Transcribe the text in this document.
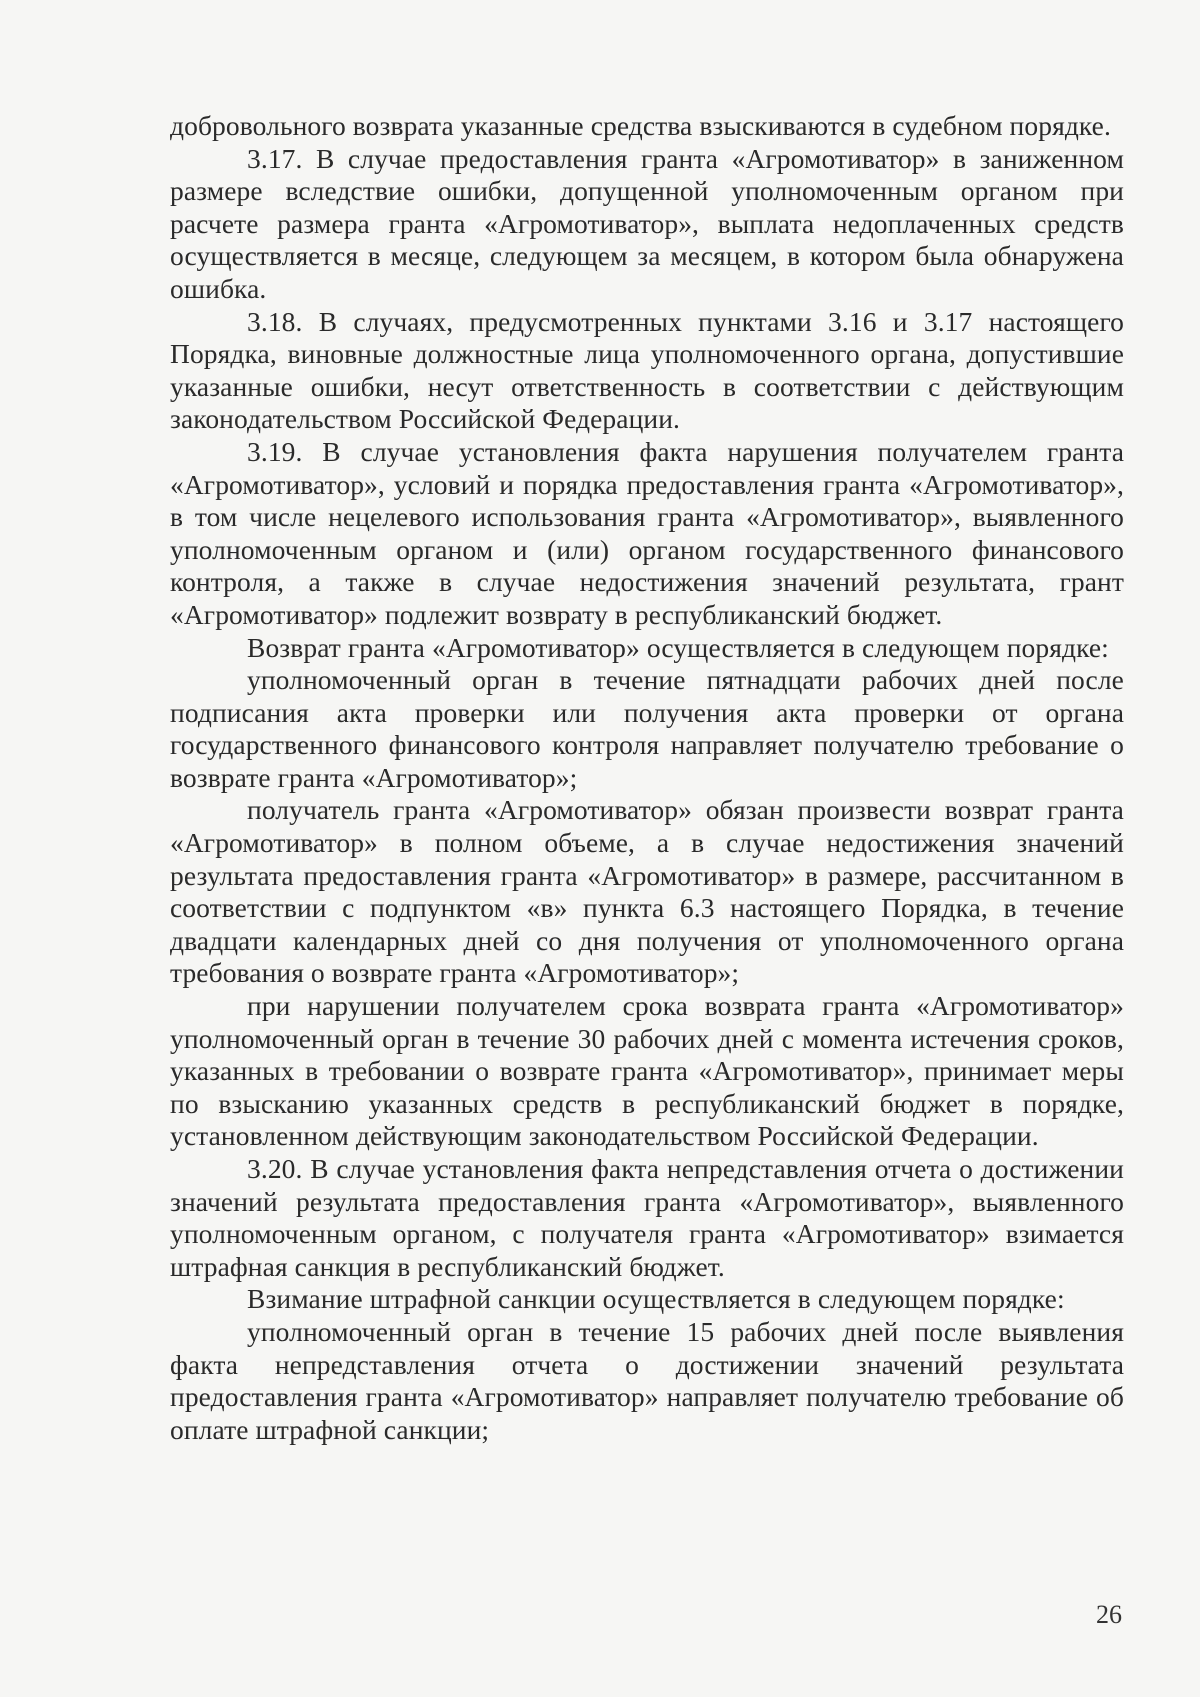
добровольного возврата указанные средства взыскиваются в судебном порядке.

3.17. В случае предоставления гранта «Агромотиватор» в заниженном размере вследствие ошибки, допущенной уполномоченным органом при расчете размера гранта «Агромотиватор», выплата недоплаченных средств осуществляется в месяце, следующем за месяцем, в котором была обнаружена ошибка.

3.18. В случаях, предусмотренных пунктами 3.16 и 3.17 настоящего Порядка, виновные должностные лица уполномоченного органа, допустившие указанные ошибки, несут ответственность в соответствии с действующим законодательством Российской Федерации.

3.19. В случае установления факта нарушения получателем гранта «Агромотиватор», условий и порядка предоставления гранта «Агромотиватор», в том числе нецелевого использования гранта «Агромотиватор», выявленного уполномоченным органом и (или) органом государственного финансового контроля, а также в случае недостижения значений результата, грант «Агромотиватор» подлежит возврату в республиканский бюджет.

Возврат гранта «Агромотиватор» осуществляется в следующем порядке:

уполномоченный орган в течение пятнадцати рабочих дней после подписания акта проверки или получения акта проверки от органа государственного финансового контроля направляет получателю требование о возврате гранта «Агромотиватор»;

получатель гранта «Агромотиватор» обязан произвести возврат гранта «Агромотиватор» в полном объеме, а в случае недостижения значений результата предоставления гранта «Агромотиватор» в размере, рассчитанном в соответствии с подпунктом «в» пункта 6.3 настоящего Порядка, в течение двадцати календарных дней со дня получения от уполномоченного органа требования о возврате гранта «Агромотиватор»;

при нарушении получателем срока возврата гранта «Агромотиватор» уполномоченный орган в течение 30 рабочих дней с момента истечения сроков, указанных в требовании о возврате гранта «Агромотиватор», принимает меры по взысканию указанных средств в республиканский бюджет в порядке, установленном действующим законодательством Российской Федерации.

3.20. В случае установления факта непредставления отчета о достижении значений результата предоставления гранта «Агромотиватор», выявленного уполномоченным органом, с получателя гранта «Агромотиватор» взимается штрафная санкция в республиканский бюджет.

Взимание штрафной санкции осуществляется в следующем порядке:

уполномоченный орган в течение 15 рабочих дней после выявления факта непредставления отчета о достижении значений результата предоставления гранта «Агромотиватор» направляет получателю требование об оплате штрафной санкции;

26
